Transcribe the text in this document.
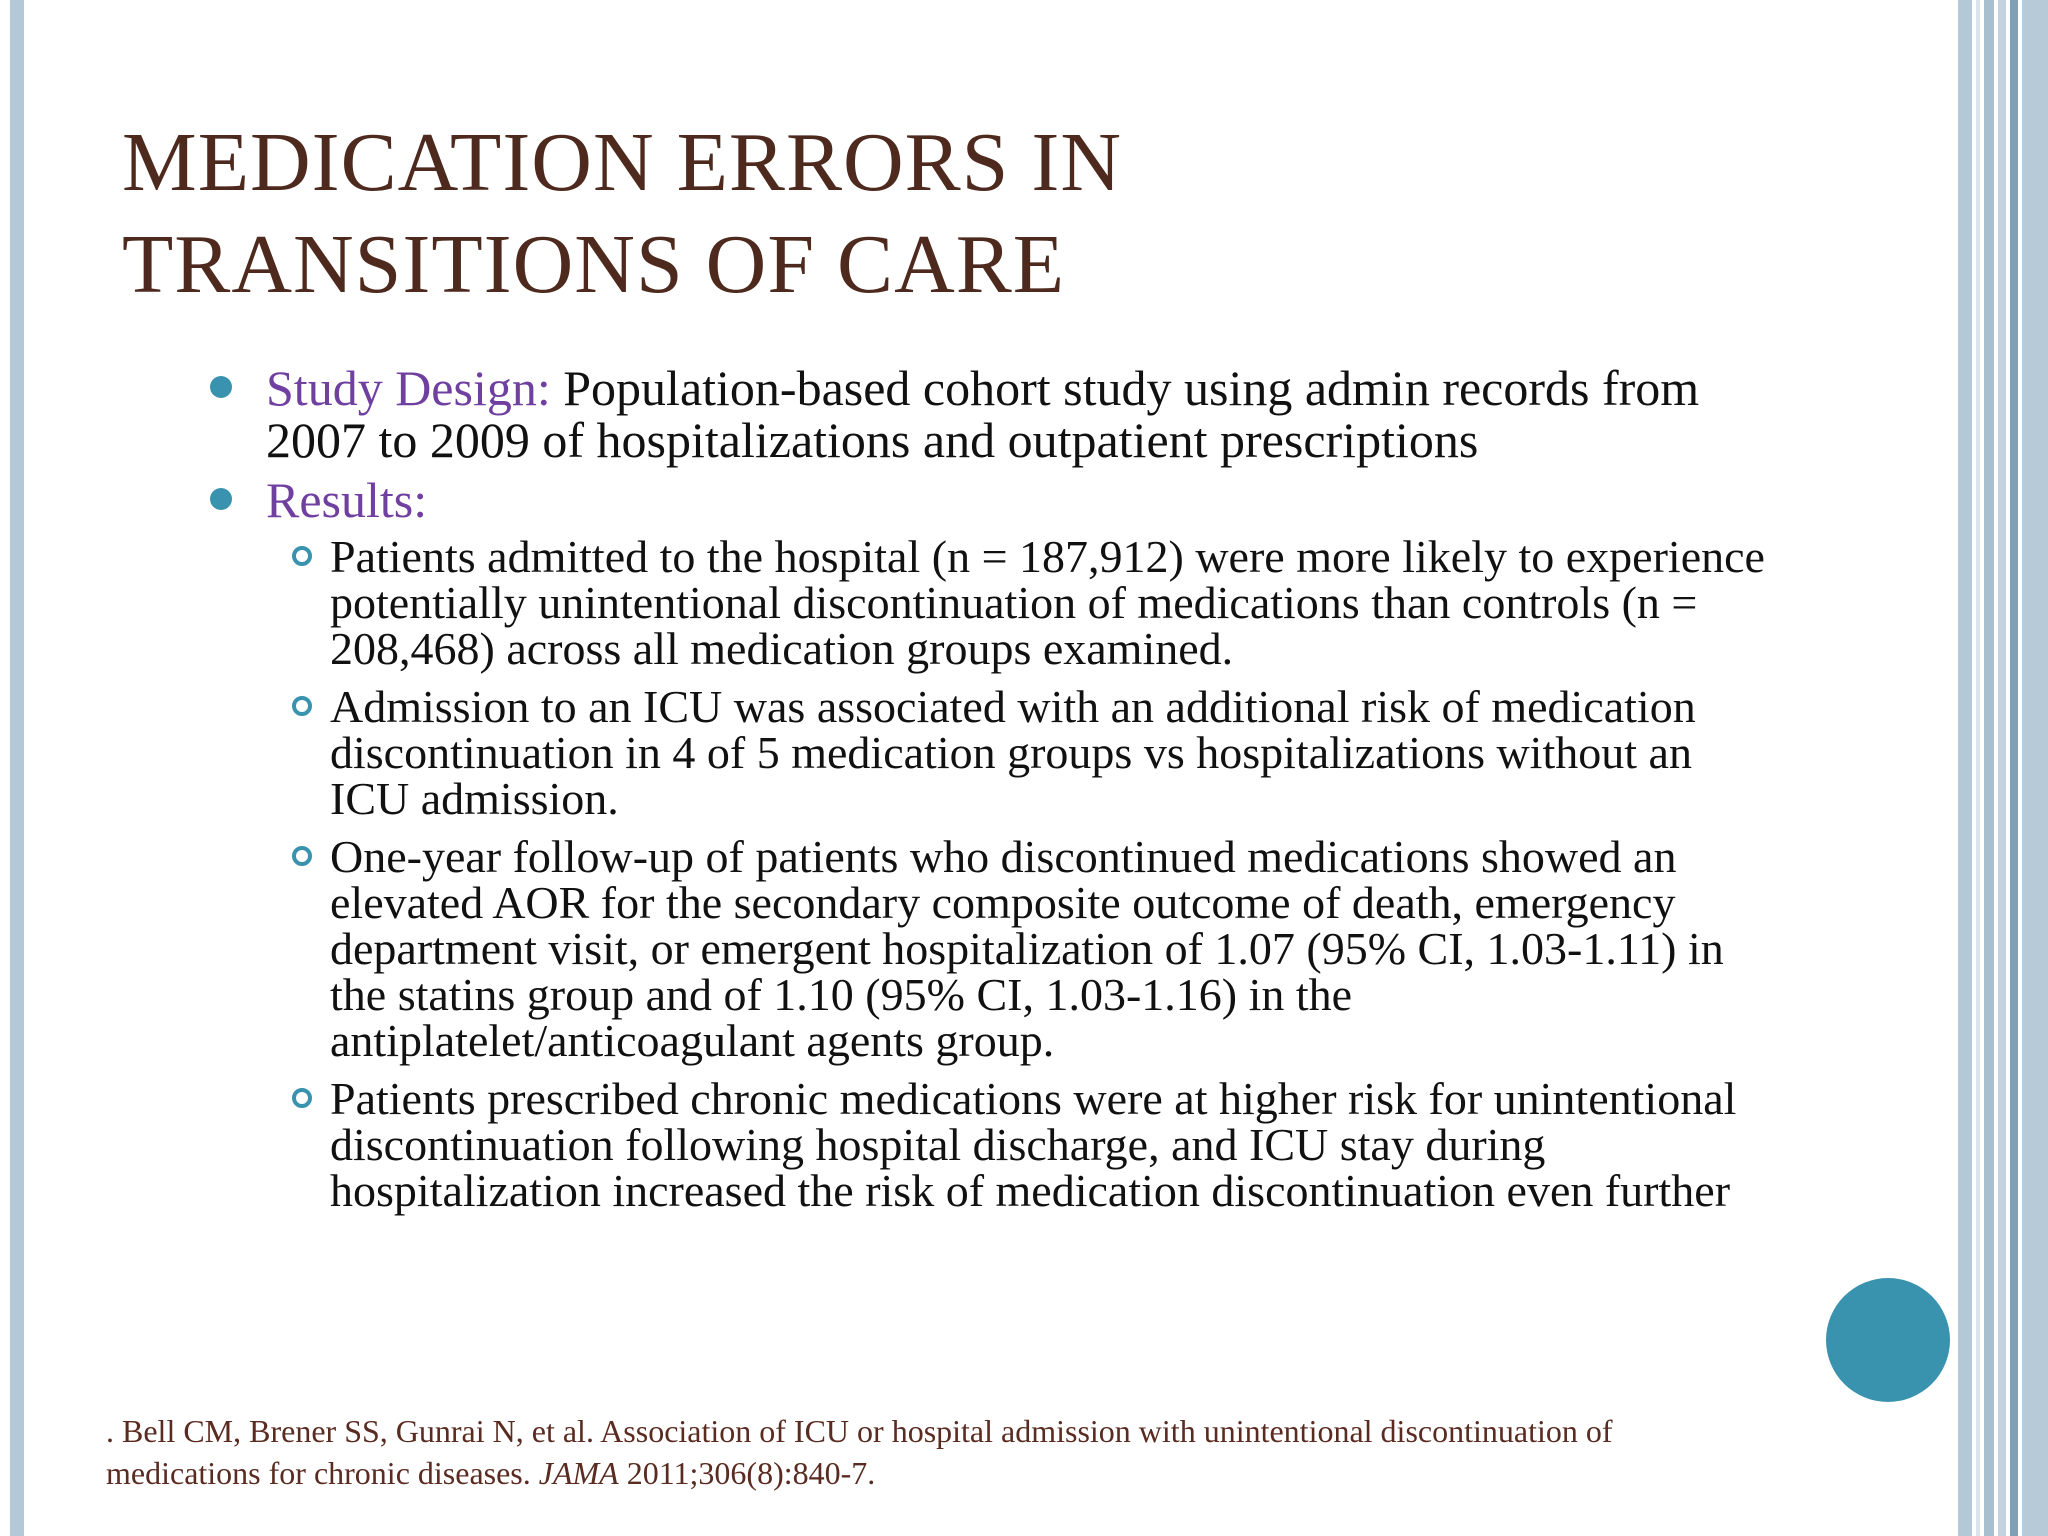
MEDICATION ERRORS IN
TRANSITIONS OF CARE
Study Design: Population-based cohort study using admin records from 2007 to 2009 of hospitalizations and outpatient prescriptions
Results:
Patients admitted to the hospital (n = 187,912) were more likely to experience potentially unintentional discontinuation of medications than controls (n = 208,468) across all medication groups examined.
Admission to an ICU was associated with an additional risk of medication discontinuation in 4 of 5 medication groups vs hospitalizations without an ICU admission.
One-year follow-up of patients who discontinued medications showed an elevated AOR for the secondary composite outcome of death, emergency department visit, or emergent hospitalization of 1.07 (95% CI, 1.03-1.11) in the statins group and of 1.10 (95% CI, 1.03-1.16) in the antiplatelet/anticoagulant agents group.
Patients prescribed chronic medications were at higher risk for unintentional discontinuation following hospital discharge, and ICU stay during hospitalization increased the risk of medication discontinuation even further
. Bell CM, Brener SS, Gunrai N, et al. Association of ICU or hospital admission with unintentional discontinuation of medications for chronic diseases. JAMA 2011;306(8):840-7.
